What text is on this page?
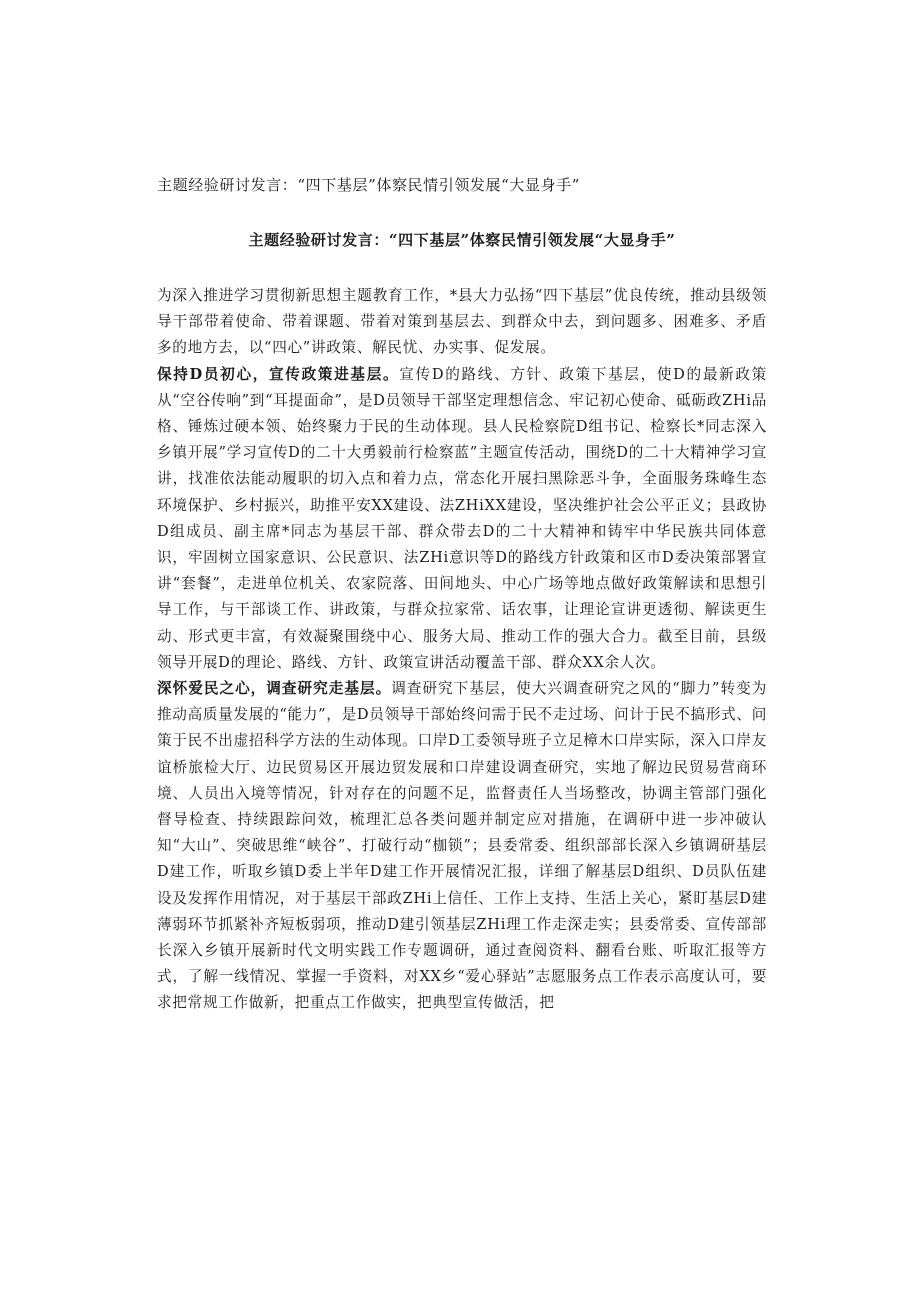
主题经验研讨发言：“四下基层”体察民情引领发展“大显身手”
主题经验研讨发言：“四下基层”体察民情引领发展“大显身手”

为深入推进学习贯彻新思想主题教育工作，*县大力弘扬“四下基层”优良传统，推动县级领导干部带着使命、带着课题、带着对策到基层去、到群众中去，到问题多、困难多、矛盾多的地方去，以“四心”讲政策、解民忧、办实事、促发展。

保持D员初心，宣传政策进基层。宣传D的路线、方针、政策下基层，使D的最新政策从“空谷传响”到“耳提面命”，是D员领导干部坚定理想信念、牢记初心使命、砥砺政ZHi品格、锤炼过硬本领、始终聚力于民的生动体现。县人民检察院D组书记、检察长*同志深入乡镇开展”学习宣传D的二十大勇毅前行检察蓝”主题宣传活动，围绕D的二十大精神学习宣讲，找准依法能动履职的切入点和着力点，常态化开展扫黑除恶斗争，全面服务珠峰生态环境保护、乡村振兴，助推平安XX建设、法ZHiXX建设，坚决维护社会公平正义；县政协D组成员、副主席*同志为基层干部、群众带去D的二十大精神和铸牢中华民族共同体意识，牢固树立国家意识、公民意识、法ZHi意识等D的路线方针政策和区市D委决策部署宣讲“套餐”，走进单位机关、农家院落、田间地头、中心广场等地点做好政策解读和思想引导工作，与干部谈工作、讲政策，与群众拉家常、话农事，让理论宣讲更透彻、解读更生动、形式更丰富，有效凝聚围绕中心、服务大局、推动工作的强大合力。截至目前，县级领导开展D的理论、路线、方针、政策宣讲活动覆盖干部、群众XX余人次。

深怀爱民之心，调查研究走基层。调查研究下基层，使大兴调查研究之风的“脚力”转变为推动高质量发展的“能力”，是D员领导干部始终问需于民不走过场、问计于民不搞形式、问策于民不出虚招科学方法的生动体现。口岸D工委领导班子立足樟木口岸实际，深入口岸友谊桥旅检大厅、边民贸易区开展边贸发展和口岸建设调查研究，实地了解边民贸易营商环境、人员出入境等情况，针对存在的问题不足，监督责任人当场整改，协调主管部门强化督导检查、持续跟踪问效，梳理汇总各类问题并制定应对措施，在调研中进一步冲破认知“大山”、突破思维“峡谷”、打破行动“枷锁”；县委常委、组织部部长深入乡镇调研基层D建工作，听取乡镇D委上半年D建工作开展情况汇报，详细了解基层D组织、D员队伍建设及发挥作用情况，对于基层干部政ZHi上信任、工作上支持、生活上关心，紧盯基层D建薄弱环节抓紧补齐短板弱项，推动D建引领基层ZHi理工作走深走实；县委常委、宣传部部长深入乡镇开展新时代文明实践工作专题调研，通过查阅资料、翻看台账、听取汇报等方式，了解一线情况、掌握一手资料，对XX乡“爱心驿站”志愿服务点工作表示高度认可，要求把常规工作做新，把重点工作做实，把典型宣传做活，把
